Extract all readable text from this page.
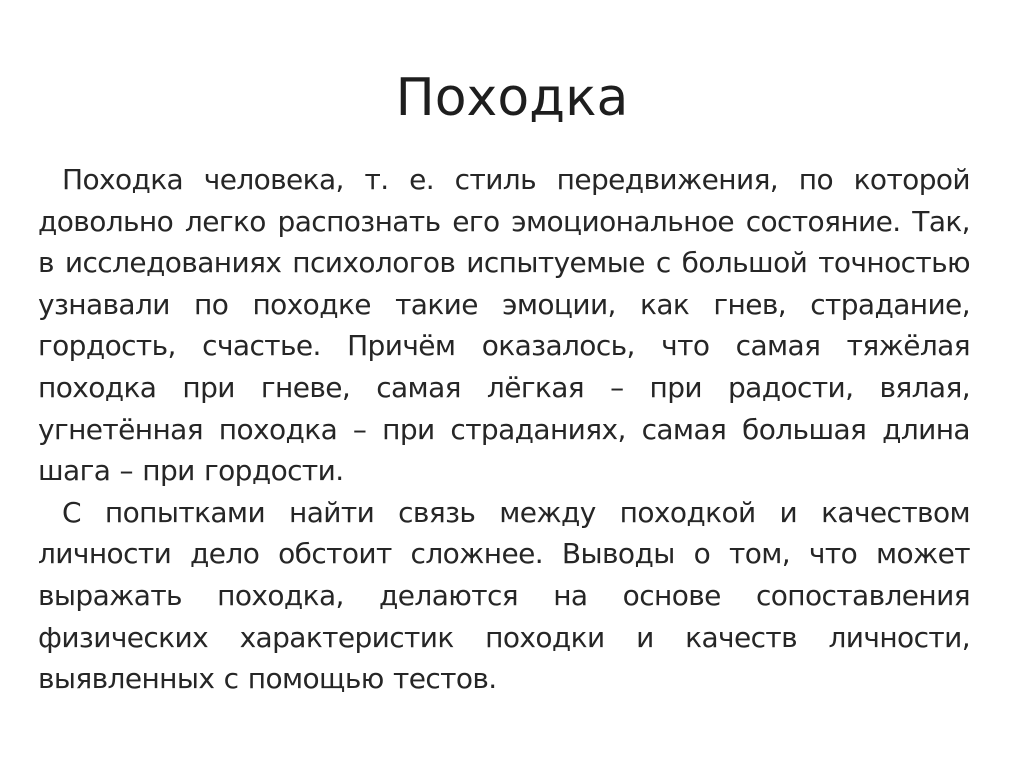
Походка

Походка человека, т. е. стиль передвижения, по которой довольно легко распознать его эмоциональное состояние. Так, в исследованиях психологов испытуемые с большой точностью узнавали по походке такие эмоции, как гнев, страдание, гордость, счастье. Причём оказалось, что самая тяжёлая походка при гневе, самая лёгкая – при радости, вялая, угнетённая походка – при страданиях, самая большая длина шага – при гордости.

С попытками найти связь между походкой и качеством личности дело обстоит сложнее. Выводы о том, что может выражать походка, делаются на основе сопоставления физических характеристик походки и качеств личности, выявленных с помощью тестов.
